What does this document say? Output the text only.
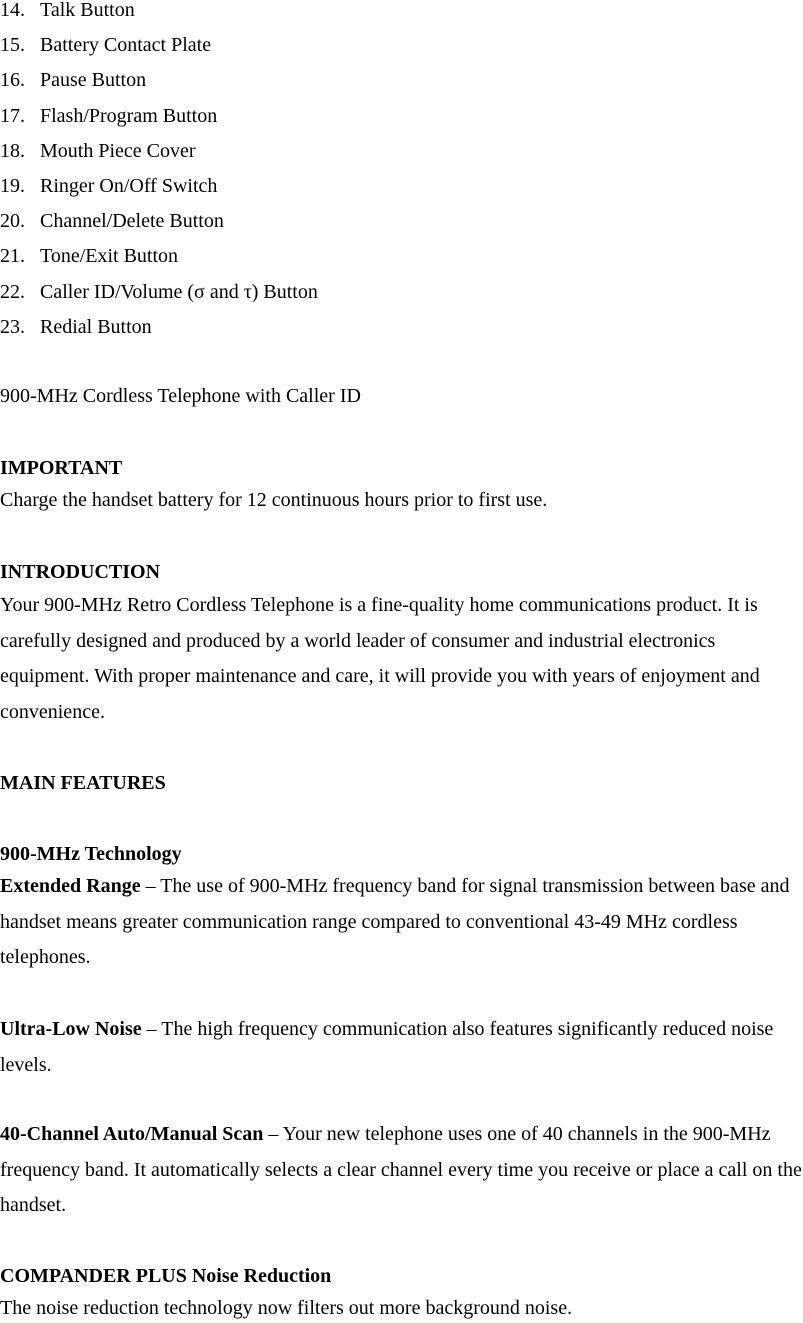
14. Talk Button
15. Battery Contact Plate
16. Pause Button
17. Flash/Program Button
18. Mouth Piece Cover
19. Ringer On/Off Switch
20. Channel/Delete Button
21. Tone/Exit Button
22. Caller ID/Volume (σ and τ) Button
23. Redial Button
900-MHz Cordless Telephone with Caller ID
IMPORTANT
Charge the handset battery for 12 continuous hours prior to first use.
INTRODUCTION

Your 900-MHz Retro Cordless Telephone is a fine-quality home communications product. It is carefully designed and produced by a world leader of consumer and industrial electronics equipment. With proper maintenance and care, it will provide you with years of enjoyment and convenience.

MAIN FEATURES
900-MHz Technology

Extended Range – The use of 900-MHz frequency band for signal transmission between base and handset means greater communication range compared to conventional 43-49 MHz cordless telephones.

Ultra-Low Noise – The high frequency communication also features significantly reduced noise levels.

40-Channel Auto/Manual Scan – Your new telephone uses one of 40 channels in the 900-MHz frequency band. It automatically selects a clear channel every time you receive or place a call on the handset.

COMPANDER PLUS Noise Reduction
The noise reduction technology now filters out more background noise.
